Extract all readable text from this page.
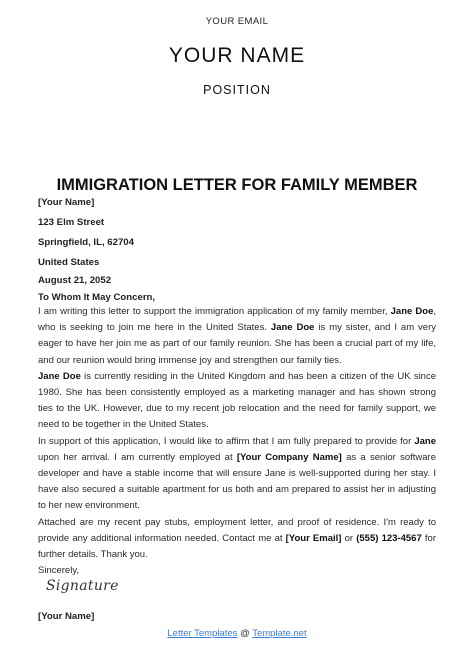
YOUR EMAIL
YOUR NAME
POSITION
IMMIGRATION LETTER FOR FAMILY MEMBER
[Your Name]
123 Elm Street
Springfield, IL, 62704
United States
August 21, 2052
To Whom It May Concern,

I am writing this letter to support the immigration application of my family member, Jane Doe, who is seeking to join me here in the United States. Jane Doe is my sister, and I am very eager to have her join me as part of our family reunion. She has been a crucial part of my life, and our reunion would bring immense joy and strengthen our family ties.

Jane Doe is currently residing in the United Kingdom and has been a citizen of the UK since 1980. She has been consistently employed as a marketing manager and has shown strong ties to the UK. However, due to my recent job relocation and the need for family support, we need to be together in the United States.

In support of this application, I would like to affirm that I am fully prepared to provide for Jane upon her arrival. I am currently employed at [Your Company Name] as a senior software developer and have a stable income that will ensure Jane is well-supported during her stay. I have also secured a suitable apartment for us both and am prepared to assist her in adjusting to her new environment.

Attached are my recent pay stubs, employment letter, and proof of residence. I'm ready to provide any additional information needed. Contact me at [Your Email] or (555) 123-4567 for further details. Thank you.

Sincerely,

Signature
[Your Name]
Letter Templates @ Template.net
